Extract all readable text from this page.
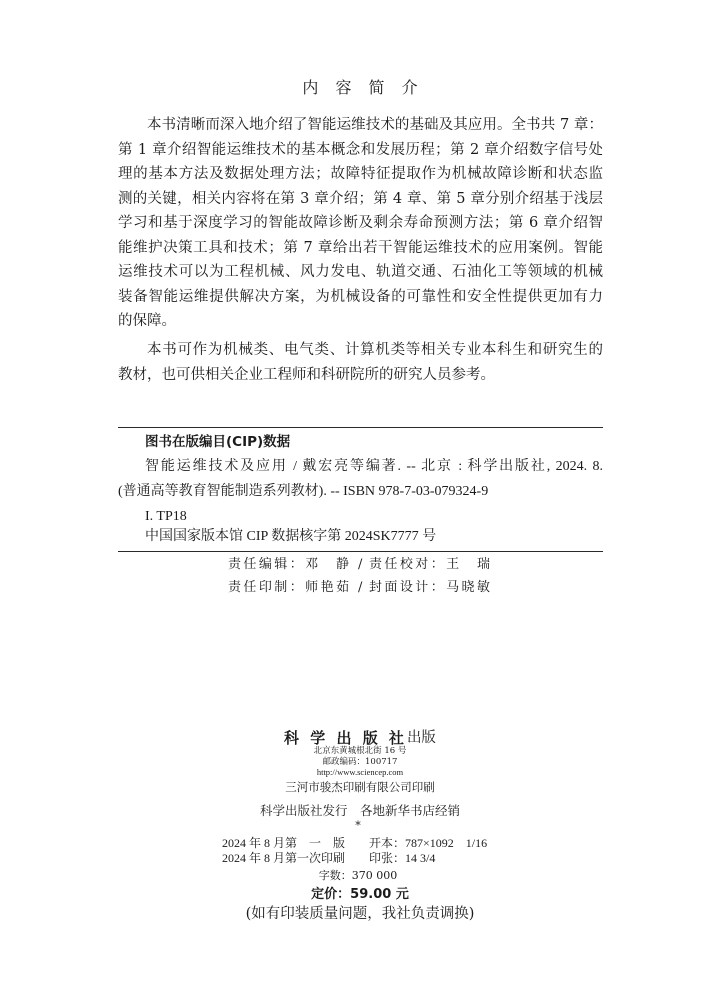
内 容 简 介
本书清晰而深入地介绍了智能运维技术的基础及其应用。全书共 7 章：
第 1 章介绍智能运维技术的基本概念和发展历程；第 2 章介绍数字信号处
理的基本方法及数据处理方法；故障特征提取作为机械故障诊断和状态监
测的关键，相关内容将在第 3 章介绍；第 4 章、第 5 章分别介绍基于浅层
学习和基于深度学习的智能故障诊断及剩余寿命预测方法；第 6 章介绍智
能维护决策工具和技术；第 7 章给出若干智能运维技术的应用案例。智能
运维技术可以为工程机械、风力发电、轨道交通、石油化工等领域的机械
装备智能运维提供解决方案，为机械设备的可靠性和安全性提供更加有力
的保障。
本书可作为机械类、电气类、计算机类等相关专业本科生和研究生的
教材，也可供相关企业工程师和科研院所的研究人员参考。
图书在版编目(CIP)数据
智能运维技术及应用 / 戴宏亮等编著. -- 北京 : 科学出版社, 2024. 8.
(普通高等教育智能制造系列教材). -- ISBN 978-7-03-079324-9
I. TP18
中国国家版本馆 CIP 数据核字第 2024SK7777 号
责任编辑：邓　静 / 责任校对：王　瑞
责任印制：师艳茹 / 封面设计：马晓敏
科 学 出 版 社 出版
北京东黄城根北街 16 号
邮政编码：100717
http://www.sciencep.com
三河市骏杰印刷有限公司印刷
科学出版社发行　各地新华书店经销
*
2024 年 8 月第　一　版　　开本：787×1092　1/16
2024 年 8 月第一次印刷　　印张：14 3/4
字数：370 000
定价：59.00 元
(如有印装质量问题，我社负责调换)
